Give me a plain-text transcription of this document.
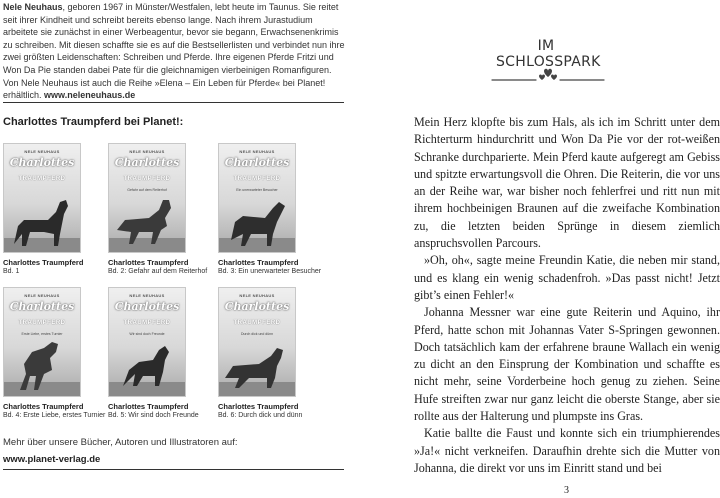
Nele Neuhaus, geboren 1967 in Münster/Westfalen, lebt heute im Taunus. Sie reitet seit ihrer Kindheit und schreibt bereits ebenso lange. Nach ihrem Jurastudium arbeitete sie zunächst in einer Werbeagentur, bevor sie begann, Erwachsenenkrimis zu schreiben. Mit diesen schaffte sie es auf die Bestsellerlisten und verbindet nun ihre zwei größten Leidenschaften: Schreiben und Pferde. Ihre eigenen Pferde Fritzi und Won Da Pie standen dabei Pate für die gleichnamigen vierbeinigen Romanfiguren. Von Nele Neuhaus ist auch die Reihe »Elena – Ein Leben für Pferde« bei Planet! erhältlich. www.neleneuhaus.de
Charlottes Traumpferd bei Planet!:
NELE NEUHAUS
Charlottes
TRAUMPFERD
Charlottes Traumpferd
Bd. 1
NELE NEUHAUS
Charlottes
TRAUMPFERD
Gefahr auf dem Reiterhof
Charlottes Traumpferd
Bd. 2: Gefahr auf dem Reiterhof
NELE NEUHAUS
Charlottes
TRAUMPFERD
Ein unerwarteter Besucher
Charlottes Traumpferd
Bd. 3: Ein unerwarteter Besucher
NELE NEUHAUS
Charlottes
TRAUMPFERD
Erste Liebe, erstes Turnier
Charlottes Traumpferd
Bd. 4: Erste Liebe, erstes Turnier
NELE NEUHAUS
Charlottes
TRAUMPFERD
Wir sind doch Freunde
Charlottes Traumpferd
Bd. 5: Wir sind doch Freunde
NELE NEUHAUS
Charlottes
TRAUMPFERD
Durch dick und dünn
Charlottes Traumpferd
Bd. 6: Durch dick und dünn
Mehr über unsere Bücher, Autoren und Illustratoren auf:
www.planet-verlag.de
IM SCHLOSSPARK

Mein Herz klopfte bis zum Hals, als ich im Schritt unter dem Richterturm hindurchritt und Won Da Pie vor der rot-weißen Schranke durchparierte. Mein Pferd kaute aufgeregt am Gebiss und spitzte erwartungsvoll die Ohren. Die Reiterin, die vor uns an der Reihe war, war bisher noch fehlerfrei und ritt nun mit ihrem hochbeinigen Braunen auf die zweifache Kombination zu, die letzten beiden Sprünge in diesem ziemlich anspruchsvollen Parcours.

»Oh, oh«, sagte meine Freundin Katie, die neben mir stand, und es klang ein wenig schadenfroh. »Das passt nicht! Jetzt gibt’s einen Fehler!«

Johanna Messner war eine gute Reiterin und Aquino, ihr Pferd, hatte schon mit Johannas Vater S-Springen gewonnen. Doch tatsächlich kam der erfahrene braune Wallach ein wenig zu dicht an den Einsprung der Kombination und schaffte es nicht mehr, seine Vorderbeine hoch genug zu ziehen. Seine Hufe streiften zwar nur ganz leicht die oberste Stange, aber sie rollte aus der Halterung und plumpste ins Gras.

Katie ballte die Faust und konnte sich ein triumphierendes »Ja!« nicht verkneifen. Daraufhin drehte sich die Mutter von Johanna, die direkt vor uns im Einritt stand und bei

3
